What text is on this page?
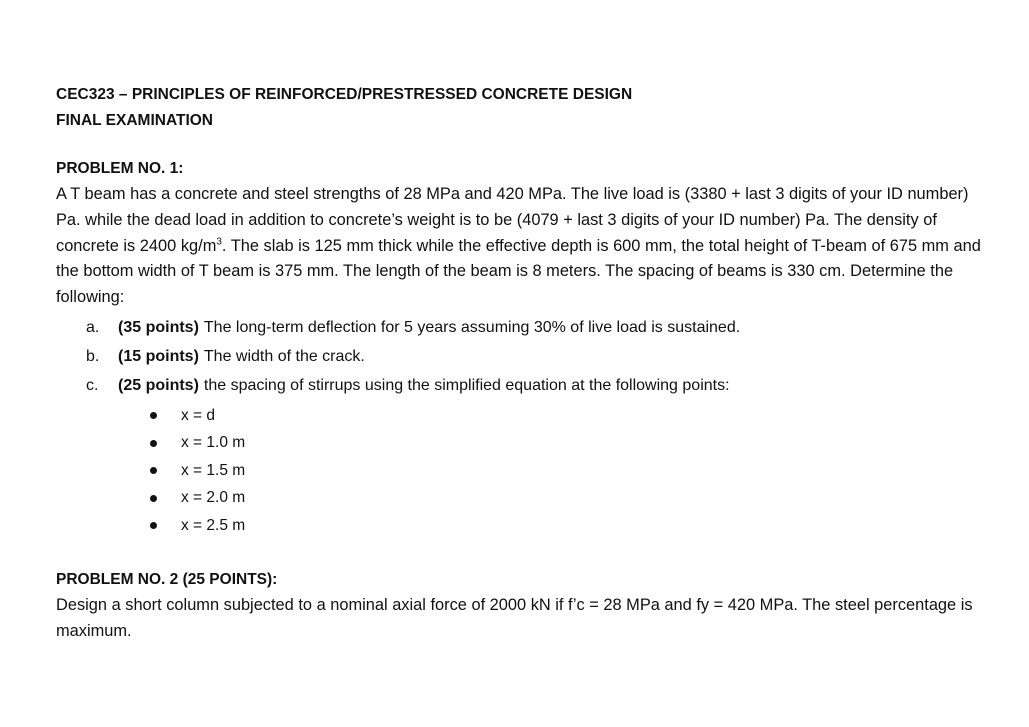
CEC323 – PRINCIPLES OF REINFORCED/PRESTRESSED CONCRETE DESIGN
FINAL EXAMINATION
PROBLEM NO. 1:

A T beam has a concrete and steel strengths of 28 MPa and 420 MPa. The live load is (3380 + last 3 digits of your ID number) Pa. while the dead load in addition to concrete’s weight is to be (4079 + last 3 digits of your ID number) Pa. The density of concrete is 2400 $kg/m^3$. The slab is 125 mm thick while the effective depth is 600 mm, the total height of T-beam of 675 mm and the bottom width of T beam is 375 mm. The length of the beam is 8 meters. The spacing of beams is 330 cm. Determine the following:

a.	(35 points) The long-term deflection for 5 years assuming 30% of live load is sustained.
b.	(15 points) The width of the crack.
c.	(25 points) the spacing of stirrups using the simplified equation at the following points:
x = d
x = 1.0 m
x = 1.5 m
x = 2.0 m
x = 2.5 m
PROBLEM NO. 2 (25 POINTS):

Design a short column subjected to a nominal axial force of 2000 kN if f’c = 28 MPa and fy = 420 MPa. The steel percentage is maximum.
